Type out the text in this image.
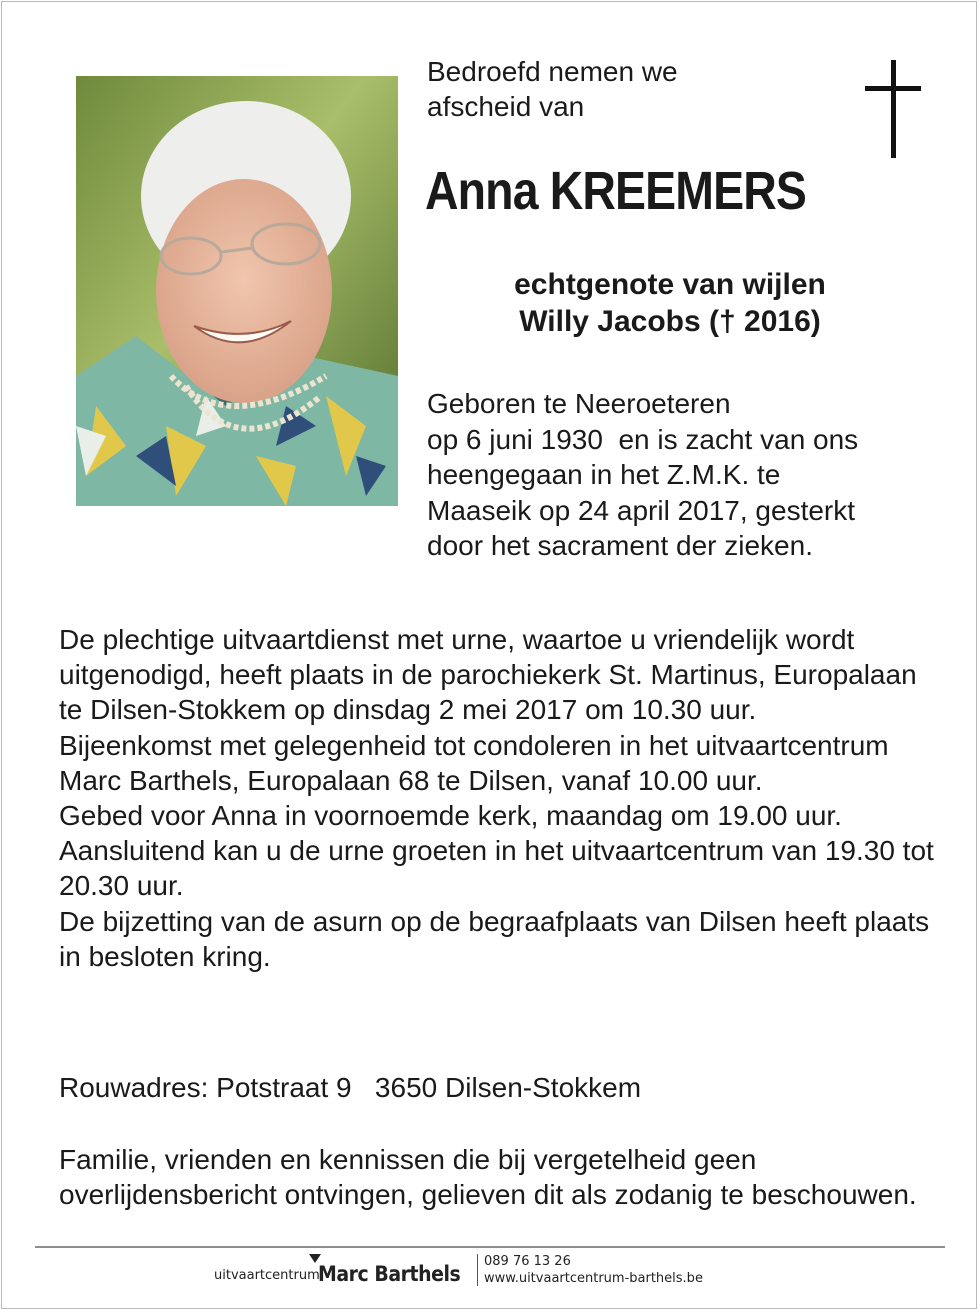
Bedroefd nemen we
afscheid van
Anna KREEMERS
echtgenote van wijlen
Willy Jacobs († 2016)
Geboren te Neeroeteren
op 6 juni 1930  en is zacht van ons
heengegaan in het Z.M.K. te
Maaseik op 24 april 2017, gesterkt
door het sacrament der zieken.

De plechtige uitvaartdienst met urne, waartoe u vriendelijk wordt uitgenodigd, heeft plaats in de parochiekerk St. Martinus, Europalaan te Dilsen-Stokkem op dinsdag 2 mei 2017 om 10.30 uur.

Bijeenkomst met gelegenheid tot condoleren in het uitvaartcentrum Marc Barthels, Europalaan 68 te Dilsen, vanaf 10.00 uur.

Gebed voor Anna in voornoemde kerk, maandag om 19.00 uur. Aansluitend kan u de urne groeten in het uitvaartcentrum van 19.30 tot 20.30 uur.

De bijzetting van de asurn op de begraafplaats van Dilsen heeft plaats in besloten kring.

Rouwadres: Potstraat 9   3650 Dilsen-Stokkem
Familie, vrienden en kennissen die bij vergetelheid geen overlijdensbericht ontvingen, gelieven dit als zodanig te beschouwen.
uitvaartcentrum
Marc Barthels
089 76 13 26
www.uitvaartcentrum-barthels.be
